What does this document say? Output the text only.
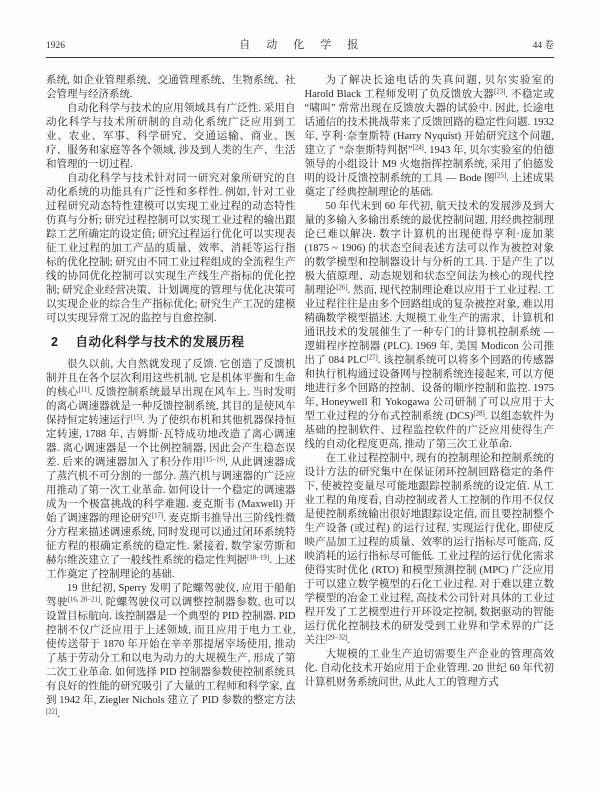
1926	自动化学报	44 卷

系统, 如企业管理系统、交通管理系统、生物系统、社会管理与经济系统.

自动化科学与技术的应用领域具有广泛性. 采用自动化科学与技术所研制的自动化系统广泛应用到工业、农业、军事、科学研究、交通运输、商业、医疗、服务和家庭等各个领域, 涉及到人类的生产、生活和管理的一切过程.

自动化科学与技术针对同一研究对象所研究的自动化系统的功能具有广泛性和多样性. 例如, 针对工业过程研究动态特性建模可以实现工业过程的动态特性仿真与分析; 研究过程控制可以实现工业过程的输出跟踪工艺所确定的设定值; 研究过程运行优化可以实现表征工业过程的加工产品的质量、效率、消耗等运行指标的优化控制; 研究由不同工业过程组成的全流程生产线的协同优化控制可以实现生产线生产指标的优化控制; 研究企业经营决策、计划调度的管理与优化决策可以实现企业的综合生产指标优化; 研究生产工况的建模可以实现异常工况的监控与自愈控制.

2 自动化科学与技术的发展历程

很久以前, 大自然就发现了反馈. 它创造了反馈机制并且在各个层次利用这些机制, 它是机体平衡和生命的核心[11]. 反馈控制系统最早出现在风车上. 当时发明的离心调速器就是一种反馈控制系统, 其目的是使风车保持恒定转速运行[15]. 为了使织布机和其他机器保持恒定转速, 1788 年, 吉姆斯·瓦特成功地改造了离心调速器. 离心调速器是一个比例控制器, 因此会产生稳态误差. 后来的调速器加入了积分作用[15−16], 从此调速器成了蒸汽机不可分割的一部分. 蒸汽机与调速器的广泛应用推动了第一次工业革命. 如何设计一个稳定的调速器成为一个极富挑战的科学难题. 麦克斯韦 (Maxwell) 开始了调速器的理论研究[17]. 麦克斯韦推导出三阶线性微分方程来描述调速系统, 同时发现可以通过闭环系统特征方程的根确定系统的稳定性. 紧接着, 数学家劳斯和赫尔维茨建立了一般线性系统的稳定性判据[18−19]. 上述工作奠定了控制理论的基础.

19 世纪初, Sperry 发明了陀螺驾驶仪, 应用于船舶驾驶[16, 20−21]. 陀螺驾驶仪可以调整控制器参数, 也可以设置目标航向. 该控制器是一个典型的 PID 控制器. PID 控制不仅广泛应用于上述领域, 而且应用于电力工业, 使传送带于 1870 年开始在辛辛那提屠宰场使用, 推动了基于劳动分工和以电为动力的大规模生产, 形成了第二次工业革命. 如何选择 PID 控制器参数使控制系统具有良好的性能的研究吸引了大量的工程师和科学家, 直到 1942 年, Ziegler Nichols 建立了 PID 参数的整定方法[22].

为了解决长途电话的失真问题, 贝尔实验室的 Harold Black 工程师发明了负反馈放大器[23]. 不稳定或 “啸叫” 常常出现在反馈放大器的试验中. 因此, 长途电话通信的技术挑战带来了反馈回路的稳定性问题. 1932 年, 亨利·奈奎斯特 (Harry Nyquist) 开始研究这个问题, 建立了 “奈奎斯特判据”[24]. 1943 年, 贝尔实验室的伯德领导的小组设计 M9 火炮指挥控制系统, 采用了伯德发明的设计反馈控制系统的工具 — Bode 图[25]. 上述成果奠定了经典控制理论的基础.

50 年代末到 60 年代初, 航天技术的发展涉及到大量的多输入多输出系统的最优控制问题, 用经典控制理论已难以解决. 数字计算机的出现使得亨利·庞加莱 (1875 ~ 1906) 的状态空间表述方法可以作为被控对象的数学模型和控制器设计与分析的工具. 于是产生了以极大值原理、动态规划和状态空间法为核心的现代控制理论[26]. 然而, 现代控制理论难以应用于工业过程. 工业过程往往是由多个回路组成的复杂被控对象, 难以用精确数学模型描述. 大规模工业生产的需求、计算机和通讯技术的发展催生了一种专门的计算机控制系统 — 逻辑程序控制器 (PLC). 1969 年, 美国 Modicon 公司推出了 084 PLC[27]. 该控制系统可以将多个回路的传感器和执行机构通过设备网与控制系统连接起来, 可以方便地进行多个回路的控制、设备的顺序控制和监控. 1975 年, Honeywell 和 Yokogawa 公司研制了可以应用于大型工业过程的分布式控制系统 (DCS)[28]. 以组态软件为基础的控制软件、过程监控软件的广泛应用使得生产线的自动化程度更高, 推动了第三次工业革命.

在工业过程控制中, 现有的控制理论和控制系统的设计方法的研究集中在保证闭环控制回路稳定的条件下, 使被控变量尽可能地跟踪控制系统的设定值. 从工业工程的角度看, 自动控制或者人工控制的作用不仅仅是使控制系统输出很好地跟踪设定值, 而且要控制整个生产设备 (或过程) 的运行过程, 实现运行优化, 即使反映产品加工过程的质量、效率的运行指标尽可能高, 反映消耗的运行指标尽可能低. 工业过程的运行优化需求使得实时优化 (RTO) 和模型预测控制 (MPC) 广泛应用于可以建立数学模型的石化工业过程. 对于难以建立数学模型的冶金工业过程, 高技术公司针对具体的工业过程开发了工艺模型进行开环设定控制, 数据驱动的智能运行优化控制技术的研发受到工业界和学术界的广泛关注[29−32].

大规模的工业生产迫切需要生产企业的管理高效化. 自动化技术开始应用于企业管理. 20 世纪 60 年代初计算机财务系统问世, 从此人工的管理方式
